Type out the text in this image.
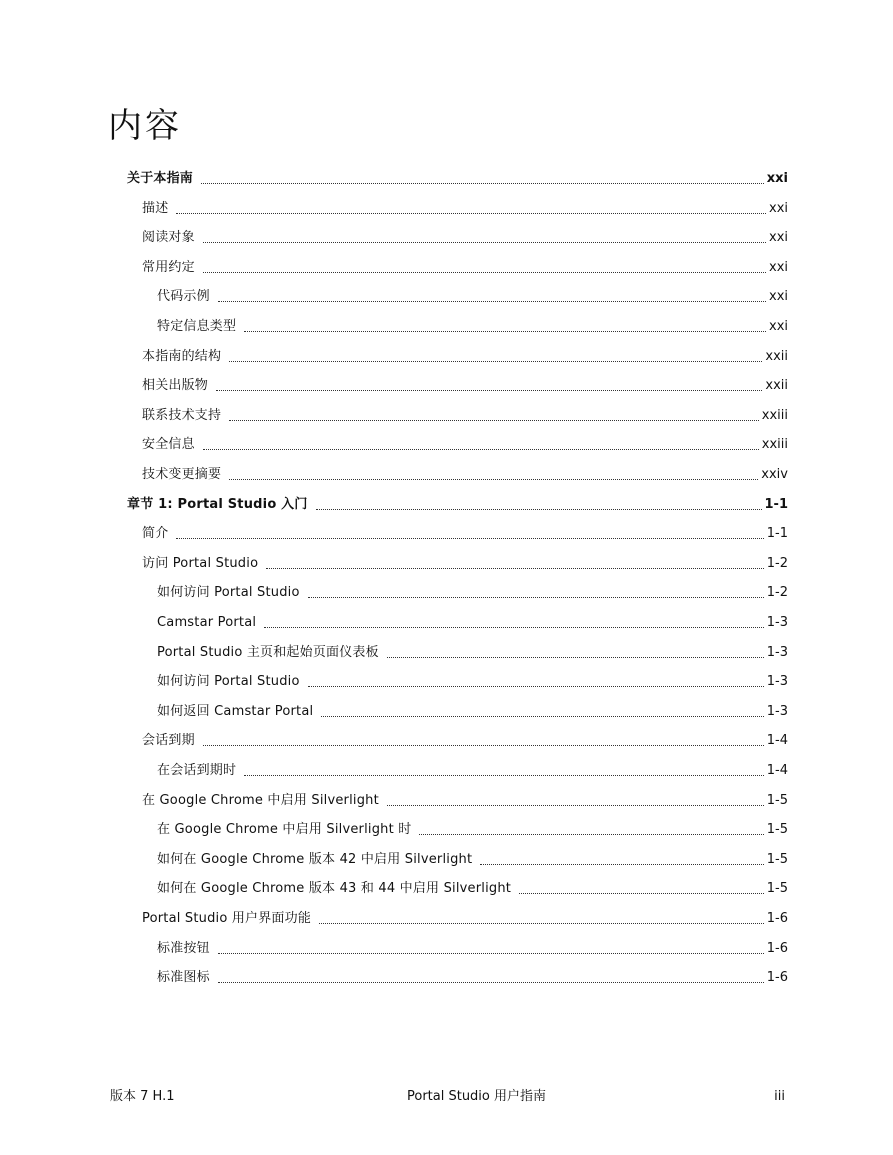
内容
关于本指南	xxi
描述	xxi
阅读对象	xxi
常用约定	xxi
代码示例	xxi
特定信息类型	xxi
本指南的结构	xxii
相关出版物	xxii
联系技术支持	xxiii
安全信息	xxiii
技术变更摘要	xxiv
章节 1: Portal Studio 入门	1-1
简介	1-1
访问 Portal Studio	1-2
如何访问 Portal Studio	1-2
Camstar Portal	1-3
Portal Studio 主页和起始页面仪表板	1-3
如何访问 Portal Studio	1-3
如何返回 Camstar Portal	1-3
会话到期	1-4
在会话到期时	1-4
在 Google Chrome 中启用 Silverlight	1-5
在 Google Chrome 中启用 Silverlight 时	1-5
如何在 Google Chrome 版本 42 中启用 Silverlight	1-5
如何在 Google Chrome 版本 43 和 44 中启用 Silverlight	1-5
Portal Studio 用户界面功能	1-6
标准按钮	1-6
标准图标	1-6
版本 7 H.1	Portal Studio 用户指南	iii
